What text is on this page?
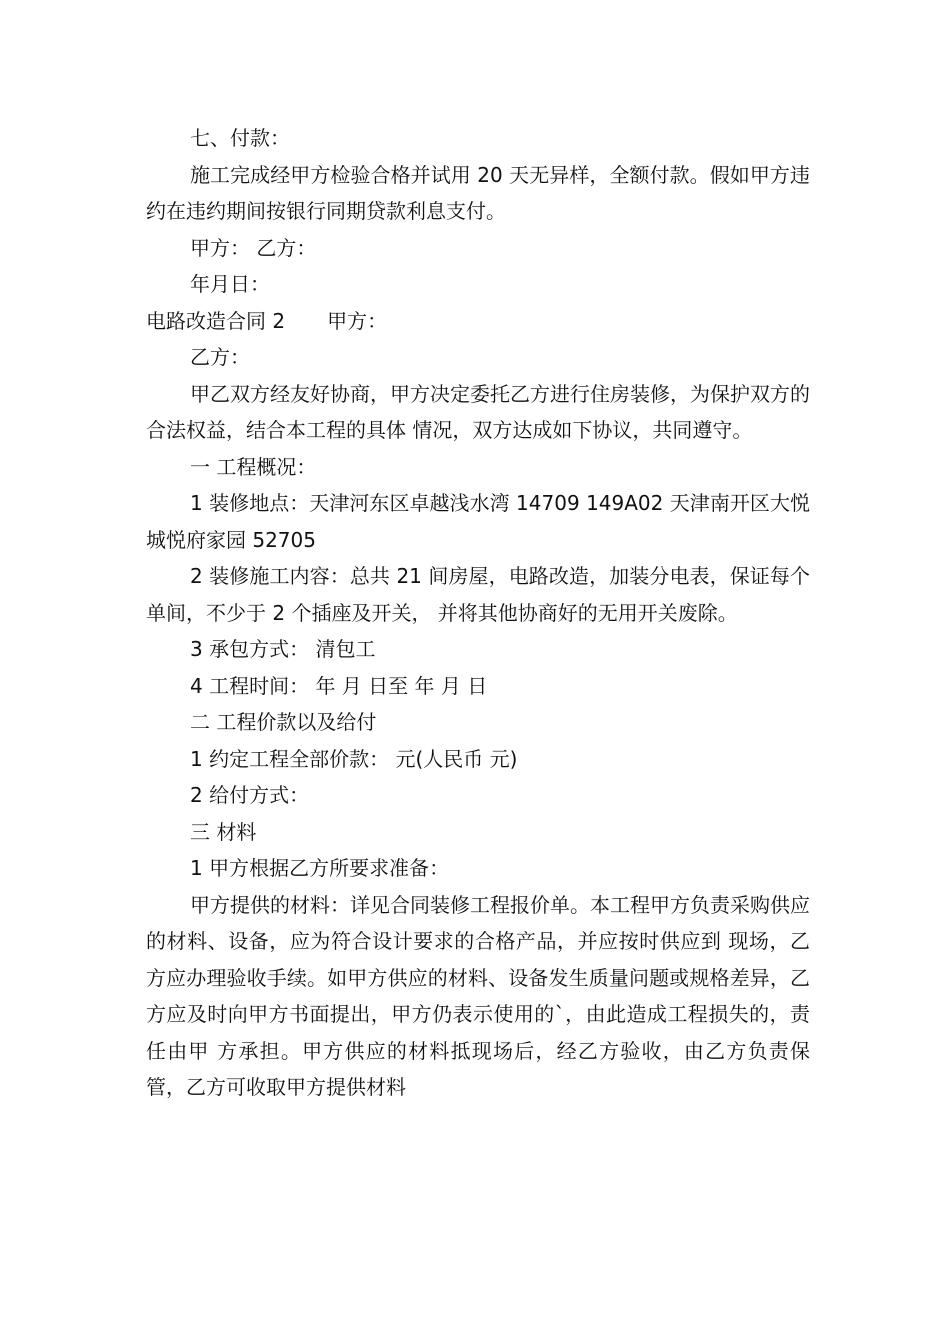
七、付款：

施工完成经甲方检验合格并试用 20 天无异样，全额付款。假如甲方违约在违约期间按银行同期贷款利息支付。

甲方： 乙方：

年月日：

电路改造合同 2 甲方：

乙方：

甲乙双方经友好协商，甲方决定委托乙方进行住房装修，为保护双方的合法权益，结合本工程的具体 情况，双方达成如下协议，共同遵守。

一 工程概况：

1 装修地点：天津河东区卓越浅水湾 14709 149A02 天津南开区大悦城悦府家园 52705

2 装修施工内容：总共 21 间房屋，电路改造，加装分电表，保证每个单间，不少于 2 个插座及开关， 并将其他协商好的无用开关废除。

3 承包方式： 清包工

4 工程时间： 年 月 日至 年 月 日

二 工程价款以及给付

1 约定工程全部价款： 元(人民币 元)

2 给付方式：

三 材料

1 甲方根据乙方所要求准备：

甲方提供的材料：详见合同装修工程报价单。本工程甲方负责采购供应的材料、设备，应为符合设计要求的合格产品，并应按时供应到 现场，乙方应办理验收手续。如甲方供应的材料、设备发生质量问题或规格差异，乙方应及时向甲方书面提出，甲方仍表示使用的`，由此造成工程损失的，责任由甲 方承担。甲方供应的材料抵现场后，经乙方验收，由乙方负责保管，乙方可收取甲方提供材料
